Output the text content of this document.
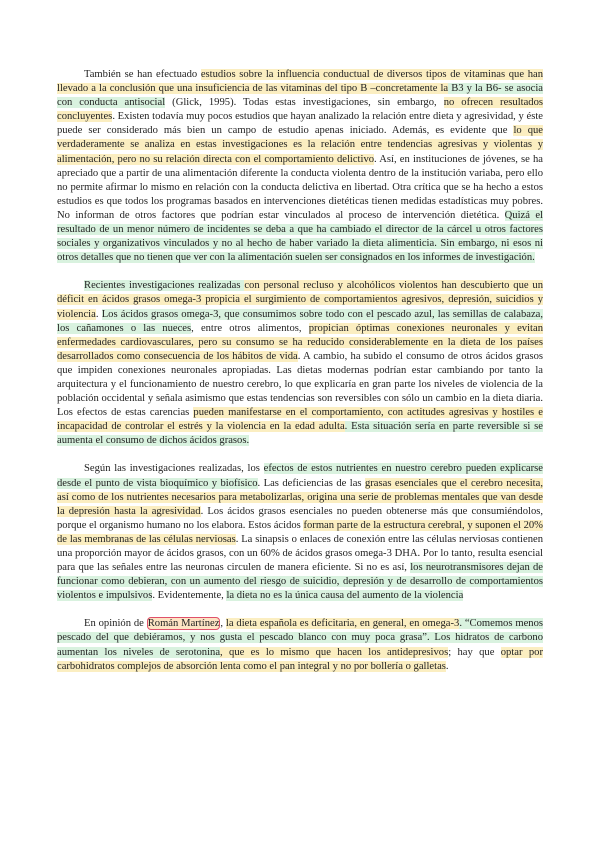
También se han efectuado estudios sobre la influencia conductual de diversos tipos de vitaminas que han llevado a la conclusión que una insuficiencia de las vitaminas del tipo B –concretamente la B3 y la B6- se asocia con conducta antisocial (Glick, 1995). Todas estas investigaciones, sin embargo, no ofrecen resultados concluyentes. Existen todavía muy pocos estudios que hayan analizado la relación entre dieta y agresividad, y éste puede ser considerado más bien un campo de estudio apenas iniciado. Además, es evidente que lo que verdaderamente se analiza en estas investigaciones es la relación entre tendencias agresivas y violentas y alimentación, pero no su relación directa con el comportamiento delictivo. Así, en instituciones de jóvenes, se ha apreciado que a partir de una alimentación diferente la conducta violenta dentro de la institución variaba, pero ello no permite afirmar lo mismo en relación con la conducta delictiva en libertad. Otra crítica que se ha hecho a estos estudios es que todos los programas basados en intervenciones dietéticas tienen medidas estadísticas muy pobres. No informan de otros factores que podrían estar vinculados al proceso de intervención dietética. Quizá el resultado de un menor número de incidentes se deba a que ha cambiado el director de la cárcel u otros factores sociales y organizativos vinculados y no al hecho de haber variado la dieta alimenticia. Sin embargo, ni esos ni otros detalles que no tienen que ver con la alimentación suelen ser consignados en los informes de investigación.

Recientes investigaciones realizadas con personal recluso y alcohólicos violentos han descubierto que un déficit en ácidos grasos omega-3 propicia el surgimiento de comportamientos agresivos, depresión, suicidios y violencia. Los ácidos grasos omega-3, que consumimos sobre todo con el pescado azul, las semillas de calabaza, los cañamones o las nueces, entre otros alimentos, propician óptimas conexiones neuronales y evitan enfermedades cardiovasculares, pero su consumo se ha reducido considerablemente en la dieta de los países desarrollados como consecuencia de los hábitos de vida. A cambio, ha subido el consumo de otros ácidos grasos que impiden conexiones neuronales apropiadas. Las dietas modernas podrían estar cambiando por tanto la arquitectura y el funcionamiento de nuestro cerebro, lo que explicaría en gran parte los niveles de violencia de la población occidental y señala asimismo que estas tendencias son reversibles con sólo un cambio en la dieta diaria. Los efectos de estas carencias pueden manifestarse en el comportamiento, con actitudes agresivas y hostiles e incapacidad de controlar el estrés y la violencia en la edad adulta. Esta situación sería en parte reversible si se aumenta el consumo de dichos ácidos grasos.

Según las investigaciones realizadas, los efectos de estos nutrientes en nuestro cerebro pueden explicarse desde el punto de vista bioquímico y biofísico. Las deficiencias de las grasas esenciales que el cerebro necesita, así como de los nutrientes necesarios para metabolizarlas, origina una serie de problemas mentales que van desde la depresión hasta la agresividad. Los ácidos grasos esenciales no pueden obtenerse más que consumiéndolos, porque el organismo humano no los elabora. Estos ácidos forman parte de la estructura cerebral, y suponen el 20% de las membranas de las células nerviosas. La sinapsis o enlaces de conexión entre las células nerviosas contienen una proporción mayor de ácidos grasos, con un 60% de ácidos grasos omega-3 DHA. Por lo tanto, resulta esencial para que las señales entre las neuronas circulen de manera eficiente. Si no es así, los neurotransmisores dejan de funcionar como debieran, con un aumento del riesgo de suicidio, depresión y de desarrollo de comportamientos violentos e impulsivos. Evidentemente, la dieta no es la única causa del aumento de la violencia

En opinión de Román Martínez, la dieta española es deficitaria, en general, en omega-3. “Comemos menos pescado del que debiéramos, y nos gusta el pescado blanco con muy poca grasa”. Los hidratos de carbono aumentan los niveles de serotonina, que es lo mismo que hacen los antidepresivos; hay que optar por carbohidratos complejos de absorción lenta como el pan integral y no por bollería o galletas.
